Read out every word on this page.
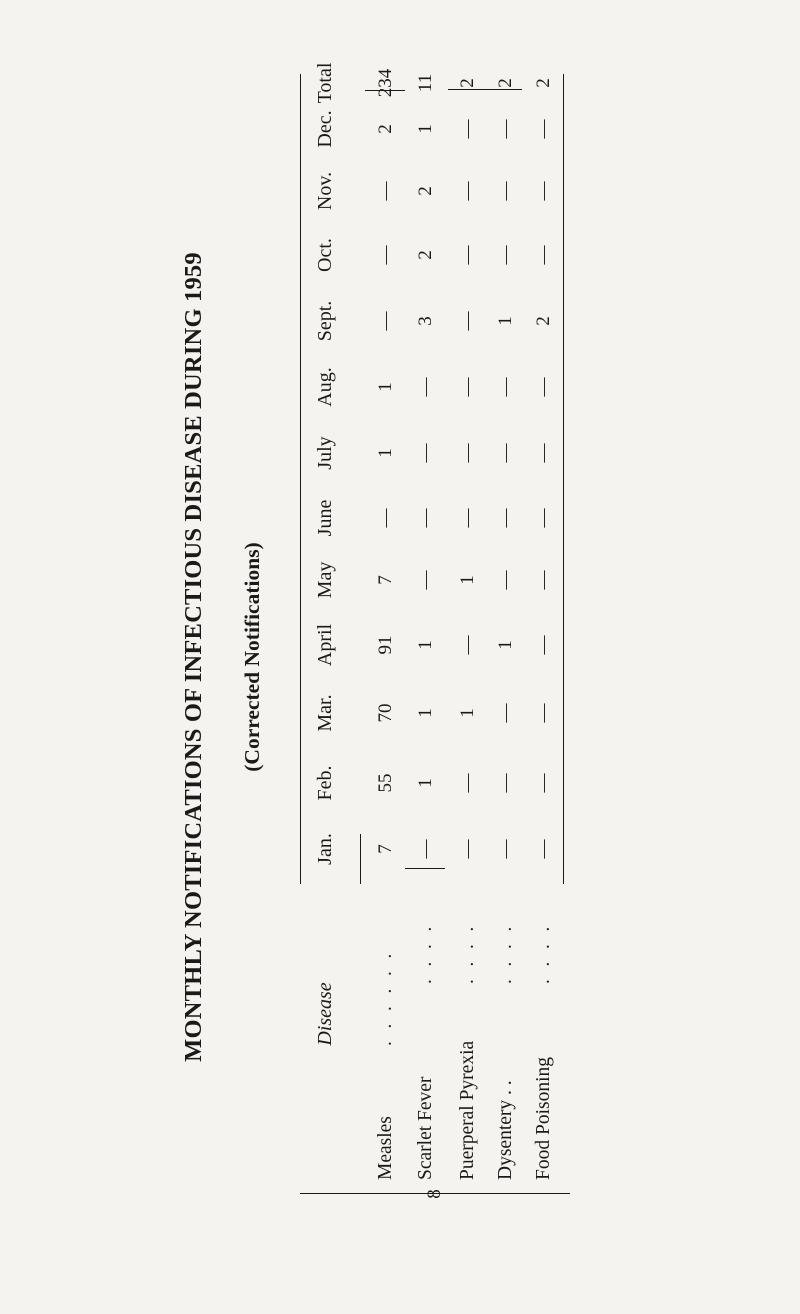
MONTHLY NOTIFICATIONS OF INFECTIOUS DISEASE DURING 1959 (Corrected Notifications)
Disease
Jan.
Feb.
Mar.
April
May
June
July
Aug.
Sept.
Oct.
Nov.
Dec.
Total
Measles
. . . . . .
7
55
70
91
7
—
1
1
—
—
—
2
234
Scarlet Fever
. . . .
—
1
1
1
—
—
—
—
3
2
2
1
11
Puerperal Pyrexia
. . . .
—
—
1
—
1
—
—
—
—
—
—
—
2
Dysentery . .
. . . .
—
—
—
1
—
—
—
—
1
—
—
—
2
Food Poisoning
. . . .
—
—
—
—
—
—
—
—
2
—
—
—
2
8
